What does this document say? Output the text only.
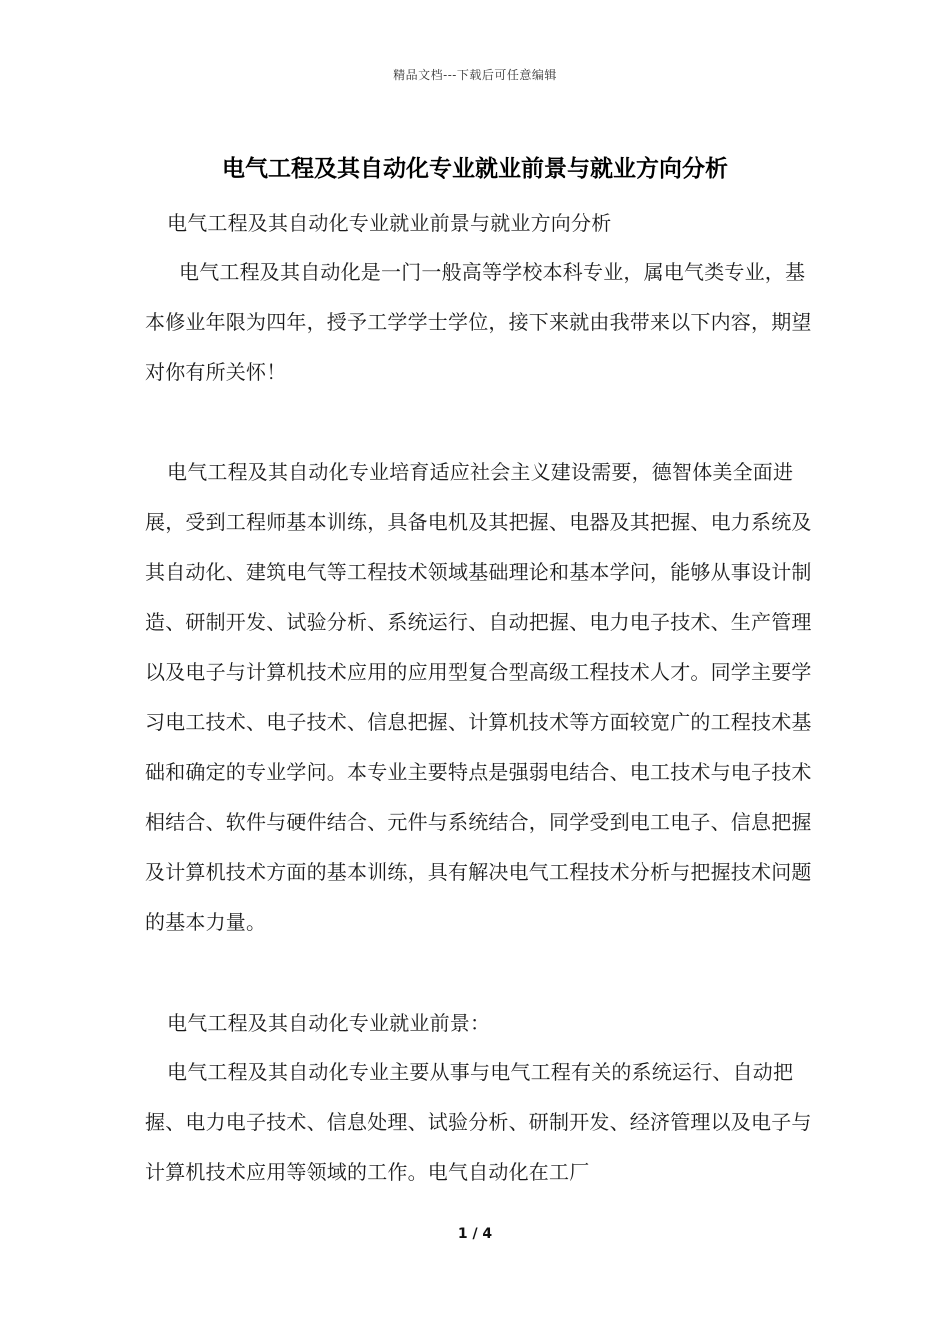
精品文档---下载后可任意编辑
电气工程及其自动化专业就业前景与就业方向分析

电气工程及其自动化专业就业前景与就业方向分析

电气工程及其自动化是一门一般高等学校本科专业，属电气类专业，基本修业年限为四年，授予工学学士学位，接下来就由我带来以下内容，期望对你有所关怀！

电气工程及其自动化专业培育适应社会主义建设需要，德智体美全面进展，受到工程师基本训练，具备电机及其把握、电器及其把握、电力系统及其自动化、建筑电气等工程技术领域基础理论和基本学问，能够从事设计制造、研制开发、试验分析、系统运行、自动把握、电力电子技术、生产管理以及电子与计算机技术应用的应用型复合型高级工程技术人才。同学主要学习电工技术、电子技术、信息把握、计算机技术等方面较宽广的工程技术基础和确定的专业学问。本专业主要特点是强弱电结合、电工技术与电子技术相结合、软件与硬件结合、元件与系统结合，同学受到电工电子、信息把握及计算机技术方面的基本训练，具有解决电气工程技术分析与把握技术问题的基本力量。

电气工程及其自动化专业就业前景：

电气工程及其自动化专业主要从事与电气工程有关的系统运行、自动把握、电力电子技术、信息处理、试验分析、研制开发、经济管理以及电子与计算机技术应用等领域的工作。电气自动化在工厂

1 / 4
